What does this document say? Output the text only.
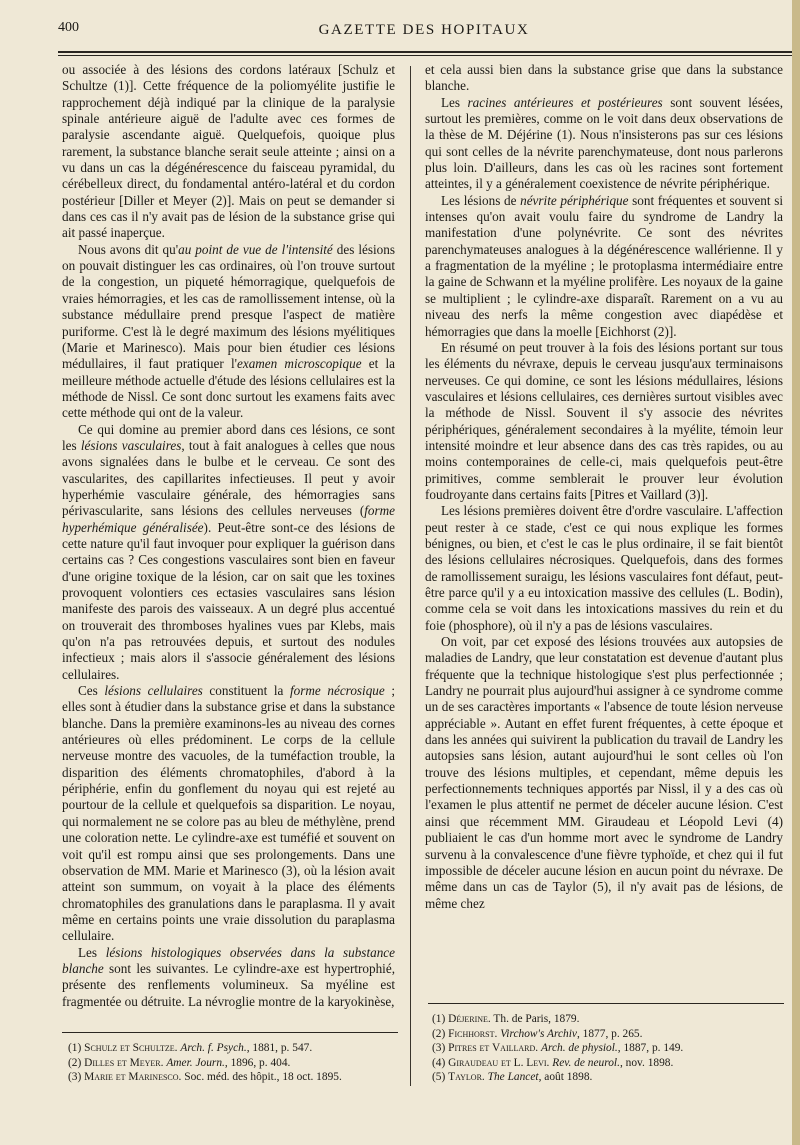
400	GAZETTE DES HOPITAUX

ou associée à des lésions des cordons latéraux [Schulz et Schultze (1)]. Cette fréquence de la poliomyélite justifie le rapprochement déjà indiqué par la clinique de la paralysie spinale antérieure aiguë de l'adulte avec ces formes de paralysie ascendante aiguë. Quelquefois, quoique plus rarement, la substance blanche serait seule atteinte ; ainsi on a vu dans un cas la dégénérescence du faisceau pyramidal, du cérébelleux direct, du fondamental antéro-latéral et du cordon postérieur [Diller et Meyer (2)]. Mais on peut se demander si dans ces cas il n'y avait pas de lésion de la substance grise qui ait passé inaperçue.

Nous avons dit qu'au point de vue de l'intensité des lésions on pouvait distinguer les cas ordinaires, où l'on trouve surtout de la congestion, un piqueté hémorragique, quelquefois de vraies hémorragies, et les cas de ramollissement intense, où la substance médullaire prend presque l'aspect de matière puriforme. C'est là le degré maximum des lésions myélitiques (Marie et Marinesco). Mais pour bien étudier ces lésions médullaires, il faut pratiquer l'examen microscopique et la meilleure méthode actuelle d'étude des lésions cellulaires est la méthode de Nissl. Ce sont donc surtout les examens faits avec cette méthode qui ont de la valeur.

Ce qui domine au premier abord dans ces lésions, ce sont les lésions vasculaires, tout à fait analogues à celles que nous avons signalées dans le bulbe et le cerveau. Ce sont des vascularites, des capillarites infectieuses. Il peut y avoir hyperhémie vasculaire générale, des hémorragies sans périvascularite, sans lésions des cellules nerveuses (forme hyperhémique généralisée). Peut-être sont-ce des lésions de cette nature qu'il faut invoquer pour expliquer la guérison dans certains cas ? Ces congestions vasculaires sont bien en faveur d'une origine toxique de la lésion, car on sait que les toxines provoquent volontiers ces ectasies vasculaires sans lésion manifeste des parois des vaisseaux. A un degré plus accentué on trouverait des thromboses hyalines vues par Klebs, mais qu'on n'a pas retrouvées depuis, et surtout des nodules infectieux ; mais alors il s'associe généralement des lésions cellulaires.

Ces lésions cellulaires constituent la forme nécrosique ; elles sont à étudier dans la substance grise et dans la substance blanche. Dans la première examinons-les au niveau des cornes antérieures où elles prédominent. Le corps de la cellule nerveuse montre des vacuoles, de la tuméfaction trouble, la disparition des éléments chromatophiles, d'abord à la périphérie, enfin du gonflement du noyau qui est rejeté au pourtour de la cellule et quelquefois sa disparition. Le noyau, qui normalement ne se colore pas au bleu de méthylène, prend une coloration nette. Le cylindre-axe est tuméfié et souvent on voit qu'il est rompu ainsi que ses prolongements. Dans une observation de MM. Marie et Marinesco (3), où la lésion avait atteint son summum, on voyait à la place des éléments chromatophiles des granulations dans le paraplasma. Il y avait même en certains points une vraie dissolution du paraplasma cellulaire.

Les lésions histologiques observées dans la substance blanche sont les suivantes. Le cylindre-axe est hypertrophié, présente des renflements volumineux. Sa myéline est fragmentée ou détruite. La névroglie montre de la karyokinèse,

et cela aussi bien dans la substance grise que dans la substance blanche.

Les racines antérieures et postérieures sont souvent lésées, surtout les premières, comme on le voit dans deux observations de la thèse de M. Déjérine (1). Nous n'insisterons pas sur ces lésions qui sont celles de la névrite parenchymateuse, dont nous parlerons plus loin. D'ailleurs, dans les cas où les racines sont fortement atteintes, il y a généralement coexistence de névrite périphérique.

Les lésions de névrite périphérique sont fréquentes et souvent si intenses qu'on avait voulu faire du syndrome de Landry la manifestation d'une polynévrite. Ce sont des névrites parenchymateuses analogues à la dégénérescence wallérienne. Il y a fragmentation de la myéline ; le protoplasma intermédiaire entre la gaine de Schwann et la myéline prolifère. Les noyaux de la gaine se multiplient ; le cylindre-axe disparaît. Rarement on a vu au niveau des nerfs la même congestion avec diapédèse et hémorragies que dans la moelle [Eichhorst (2)].

En résumé on peut trouver à la fois des lésions portant sur tous les éléments du névraxe, depuis le cerveau jusqu'aux terminaisons nerveuses. Ce qui domine, ce sont les lésions médullaires, lésions vasculaires et lésions cellulaires, ces dernières surtout visibles avec la méthode de Nissl. Souvent il s'y associe des névrites périphériques, généralement secondaires à la myélite, témoin leur intensité moindre et leur absence dans des cas très rapides, ou au moins contemporaines de celle-ci, mais quelquefois peut-être primitives, comme semblerait le prouver leur évolution foudroyante dans certains faits [Pitres et Vaillard (3)].

Les lésions premières doivent être d'ordre vasculaire. L'affection peut rester à ce stade, c'est ce qui nous explique les formes bénignes, ou bien, et c'est le cas le plus ordinaire, il se fait bientôt des lésions cellulaires nécrosiques. Quelquefois, dans des formes de ramollissement suraigu, les lésions vasculaires font défaut, peut-être parce qu'il y a eu intoxication massive des cellules (L. Bodin), comme cela se voit dans les intoxications massives du rein et du foie (phosphore), où il n'y a pas de lésions vasculaires.

On voit, par cet exposé des lésions trouvées aux autopsies de maladies de Landry, que leur constatation est devenue d'autant plus fréquente que la technique histologique s'est plus perfectionnée ; Landry ne pourrait plus aujourd'hui assigner à ce syndrome comme un de ses caractères importants « l'absence de toute lésion nerveuse appréciable ». Autant en effet furent fréquentes, à cette époque et dans les années qui suivirent la publication du travail de Landry les autopsies sans lésion, autant aujourd'hui le sont celles où l'on trouve des lésions multiples, et cependant, même depuis les perfectionnements techniques apportés par Nissl, il y a des cas où l'examen le plus attentif ne permet de déceler aucune lésion. C'est ainsi que récemment MM. Giraudeau et Léopold Levi (4) publiaient le cas d'un homme mort avec le syndrome de Landry survenu à la convalescence d'une fièvre typhoïde, et chez qui il fut impossible de déceler aucune lésion en aucun point du névraxe. De même dans un cas de Taylor (5), il n'y avait pas de lésions, de même chez

(1) Schulz et Schultze. Arch. f. Psych., 1881, p. 547.
(2) Dilles et Meyer. Amer. Journ., 1896, p. 404.
(3) Marie et Marinesco. Soc. méd. des hôpit., 18 oct. 1895.
(1) Déjerine. Th. de Paris, 1879.
(2) Fichhorst. Virchow's Archiv, 1877, p. 265.
(3) Pitres et Vaillard. Arch. de physiol., 1887, p. 149.
(4) Giraudeau et L. Levi. Rev. de neurol., nov. 1898.
(5) Taylor. The Lancet, août 1898.
